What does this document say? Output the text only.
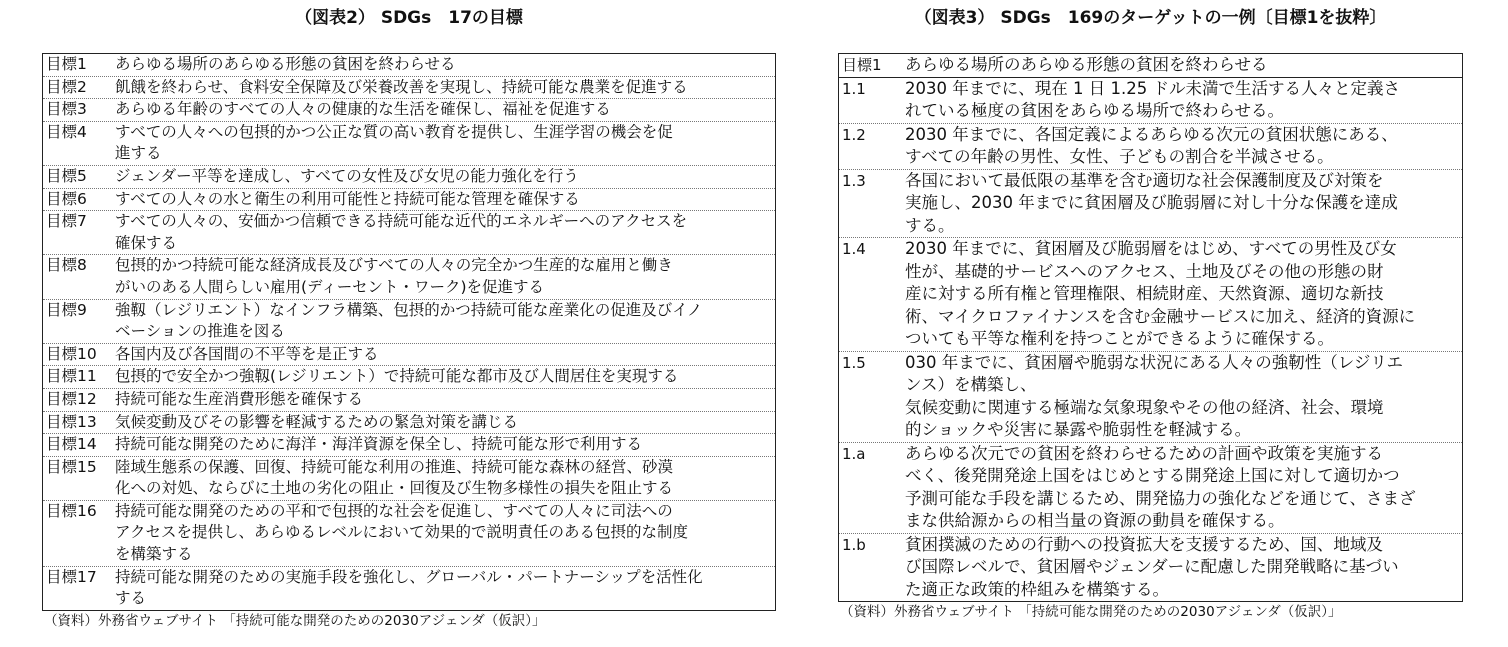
（図表2） SDGs　17の目標
目標1	あらゆる場所のあらゆる形態の貧困を終わらせる
目標2	飢餓を終わらせ、食料安全保障及び栄養改善を実現し、持続可能な農業を促進する
目標3	あらゆる年齢のすべての人々の健康的な生活を確保し、福祉を促進する
目標4	すべての人々への包摂的かつ公正な質の高い教育を提供し、生涯学習の機会を促
進する
目標5	ジェンダー平等を達成し、すべての女性及び女児の能力強化を行う
目標6	すべての人々の水と衛生の利用可能性と持続可能な管理を確保する
目標7	すべての人々の、安価かつ信頼できる持続可能な近代的エネルギーへのアクセスを
確保する
目標8	包摂的かつ持続可能な経済成長及びすべての人々の完全かつ生産的な雇用と働き
がいのある人間らしい雇用(ディーセント・ワーク)を促進する
目標9	強靱（レジリエント）なインフラ構築、包摂的かつ持続可能な産業化の促進及びイノ
ベーションの推進を図る
目標10	各国内及び各国間の不平等を是正する
目標11	包摂的で安全かつ強靱(レジリエント）で持続可能な都市及び人間居住を実現する
目標12	持続可能な生産消費形態を確保する
目標13	気候変動及びその影響を軽減するための緊急対策を講じる
目標14	持続可能な開発のために海洋・海洋資源を保全し、持続可能な形で利用する
目標15	陸域生態系の保護、回復、持続可能な利用の推進、持続可能な森林の経営、砂漠
化への対処、ならびに土地の劣化の阻止・回復及び生物多様性の損失を阻止する
目標16	持続可能な開発のための平和で包摂的な社会を促進し、すべての人々に司法への
アクセスを提供し、あらゆるレベルにおいて効果的で説明責任のある包摂的な制度
を構築する
目標17	持続可能な開発のための実施手段を強化し、グローバル・パートナーシップを活性化
する
（資料）外務省ウェブサイト 「持続可能な開発のための2030アジェンダ（仮訳）」
（図表3） SDGs　169のターゲットの一例〔目標1を抜粋〕
目標1	あらゆる場所のあらゆる形態の貧困を終わらせる
1.1	2030 年までに、現在 1 日 1.25 ドル未満で生活する人々と定義さ
れている極度の貧困をあらゆる場所で終わらせる。
1.2	2030 年までに、各国定義によるあらゆる次元の貧困状態にある、
すべての年齢の男性、女性、子どもの割合を半減させる。
1.3	各国において最低限の基準を含む適切な社会保護制度及び対策を
実施し、2030 年までに貧困層及び脆弱層に対し十分な保護を達成
する。
1.4	2030 年までに、貧困層及び脆弱層をはじめ、すべての男性及び女
性が、基礎的サービスへのアクセス、土地及びその他の形態の財
産に対する所有権と管理権限、相続財産、天然資源、適切な新技
術、マイクロファイナンスを含む金融サービスに加え、経済的資源に
ついても平等な権利を持つことができるように確保する。
1.5	030 年までに、貧困層や脆弱な状況にある人々の強靭性（レジリエ
ンス）を構築し、
気候変動に関連する極端な気象現象やその他の経済、社会、環境
的ショックや災害に暴露や脆弱性を軽減する。
1.a	あらゆる次元での貧困を終わらせるための計画や政策を実施する
べく、後発開発途上国をはじめとする開発途上国に対して適切かつ
予測可能な手段を講じるため、開発協力の強化などを通じて、さまざ
まな供給源からの相当量の資源の動員を確保する。
1.b	貧困撲滅のための行動への投資拡大を支援するため、国、地域及
び国際レベルで、貧困層やジェンダーに配慮した開発戦略に基づい
た適正な政策的枠組みを構築する。
（資料）外務省ウェブサイト 「持続可能な開発のための2030アジェンダ（仮訳）」
